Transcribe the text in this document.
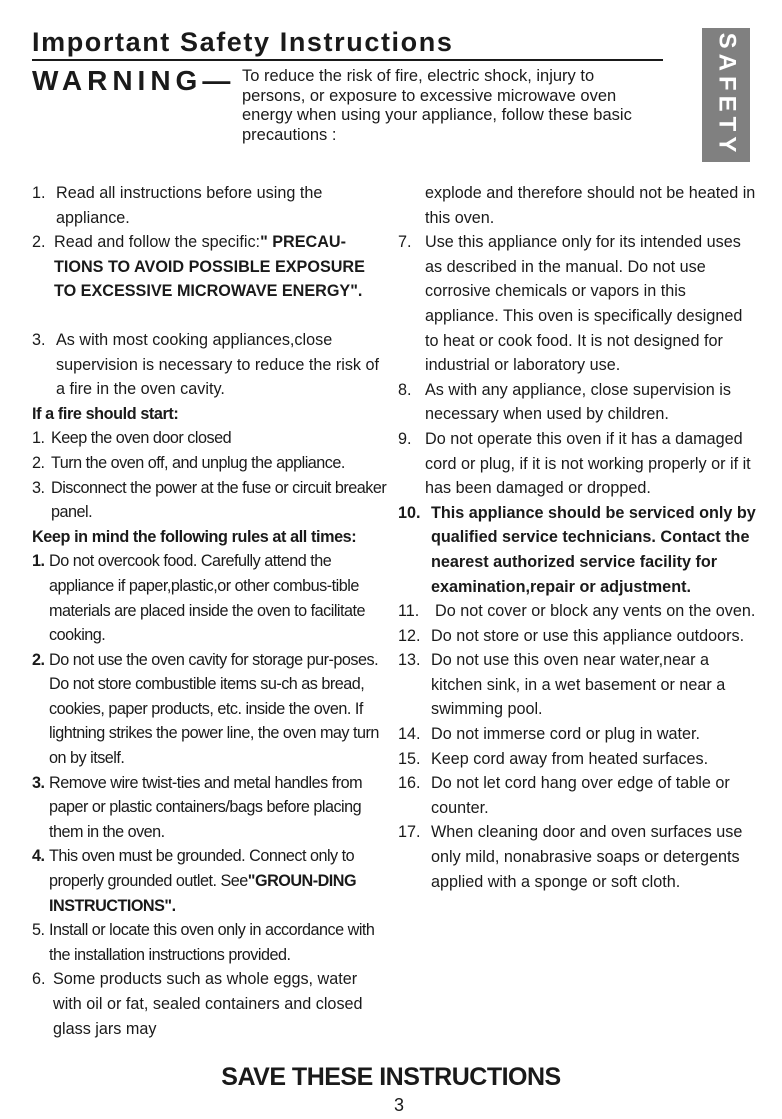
Important Safety Instructions
WARNING— To reduce the risk of fire, electric shock, injury to persons, or exposure to excessive microwave oven energy when using your appliance, follow these basic precautions :	SAFETY

1. Read all instructions before using the appliance.

2. Read and follow the specific:" PRECAU-TIONS TO AVOID POSSIBLE EXPOSURE TO EXCESSIVE MICROWAVE ENERGY".

3. As with most cooking appliances,close supervision is necessary to reduce the risk of a fire in the oven cavity.

If a fire should start:

1. Keep the oven door closed

2. Turn the oven off, and unplug the appliance.

3. Disconnect the power at the fuse or circuit breaker panel.

Keep in mind the following rules at all times:

1. Do not overcook food. Carefully attend the appliance if paper,plastic,or other combus-tible materials are placed inside the oven to facilitate cooking.

2. Do not use the oven cavity for storage pur-poses. Do not store combustible items su-ch as bread, cookies, paper products, etc. inside the oven. If lightning strikes the power line, the oven may turn on by itself.

3. Remove wire twist-ties and metal handles from paper or plastic containers/bags before placing them in the oven.

4. This oven must be grounded. Connect only to properly grounded outlet. See"GROUN-DING INSTRUCTIONS".

5. Install or locate this oven only in accordance with the installation instructions provided.

6. Some products such as whole eggs, water with oil or fat, sealed containers and closed glass jars may

explode and therefore should not be heated in this oven.

7. Use this appliance only for its intended uses as described in the manual. Do not use corrosive chemicals or vapors in this appliance. This oven is specifically designed to heat or cook food. It is not designed for industrial or laboratory use.

8. As with any appliance, close supervision is necessary when used by children.

9. Do not operate this oven if it has a damaged cord or plug, if it is not working properly or if it has been damaged or dropped.

10. This appliance should be serviced only by qualified service technicians. Contact the nearest authorized service facility for examination,repair or adjustment.

11. Do not cover or block any vents on the oven.

12. Do not store or use this appliance outdoors.

13. Do not use this oven near water,near a kitchen sink, in a wet basement or near a swimming pool.

14. Do not immerse cord or plug in water.

15. Keep cord away from heated surfaces.

16. Do not let cord hang over edge of table or counter.

17. When cleaning door and oven surfaces use only mild, nonabrasive soaps or detergents applied with a sponge or soft cloth.

SAVE THESE INSTRUCTIONS

3
